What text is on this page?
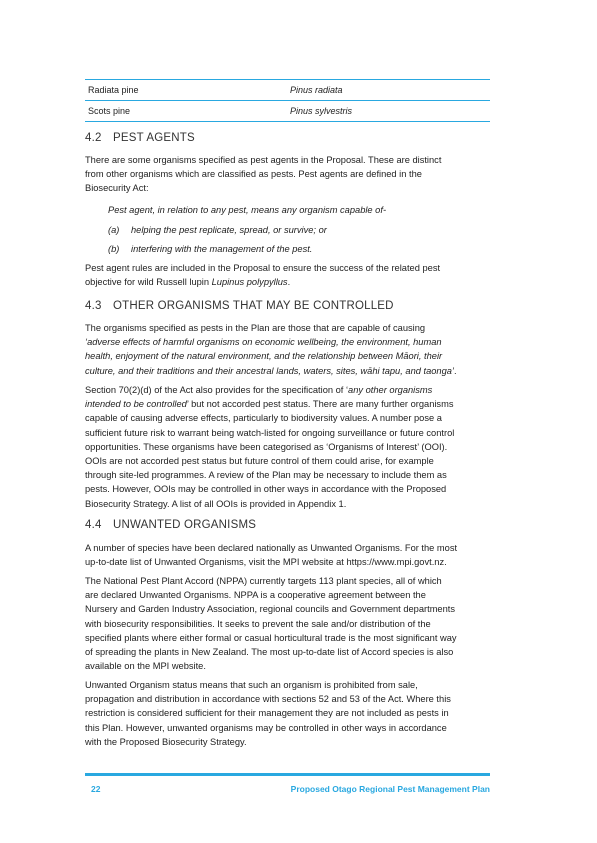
Radiata pine	Pinus radiata
Scots pine	Pinus sylvestris
4.2 PEST AGENTS
There are some organisms specified as pest agents in the Proposal. These are distinct
from other organisms which are classified as pests. Pest agents are defined in the
Biosecurity Act:
Pest agent, in relation to any pest, means any organism capable of-
(a) helping the pest replicate, spread, or survive; or
(b) interfering with the management of the pest.
Pest agent rules are included in the Proposal to ensure the success of the related pest
objective for wild Russell lupin Lupinus polypyllus.
4.3 OTHER ORGANISMS THAT MAY BE CONTROLLED
The organisms specified as pests in the Plan are those that are capable of causing
‘adverse effects of harmful organisms on economic wellbeing, the environment, human
health, enjoyment of the natural environment, and the relationship between Māori, their
culture, and their traditions and their ancestral lands, waters, sites, wāhi tapu, and taonga’.
Section 70(2)(d) of the Act also provides for the specification of ‘any other organisms
intended to be controlled’ but not accorded pest status. There are many further organisms
capable of causing adverse effects, particularly to biodiversity values. A number pose a
sufficient future risk to warrant being watch-listed for ongoing surveillance or future control
opportunities. These organisms have been categorised as ‘Organisms of Interest’ (OOI).
OOIs are not accorded pest status but future control of them could arise, for example
through site-led programmes. A review of the Plan may be necessary to include them as
pests. However, OOIs may be controlled in other ways in accordance with the Proposed
Biosecurity Strategy. A list of all OOIs is provided in Appendix 1.
4.4 UNWANTED ORGANISMS
A number of species have been declared nationally as Unwanted Organisms. For the most
up-to-date list of Unwanted Organisms, visit the MPI website at https://www.mpi.govt.nz.
The National Pest Plant Accord (NPPA) currently targets 113 plant species, all of which
are declared Unwanted Organisms. NPPA is a cooperative agreement between the
Nursery and Garden Industry Association, regional councils and Government departments
with biosecurity responsibilities. It seeks to prevent the sale and/or distribution of the
specified plants where either formal or casual horticultural trade is the most significant way
of spreading the plants in New Zealand. The most up-to-date list of Accord species is also
available on the MPI website.
Unwanted Organism status means that such an organism is prohibited from sale,
propagation and distribution in accordance with sections 52 and 53 of the Act. Where this
restriction is considered sufficient for their management they are not included as pests in
this Plan. However, unwanted organisms may be controlled in other ways in accordance
with the Proposed Biosecurity Strategy.
22	Proposed Otago Regional Pest Management Plan
